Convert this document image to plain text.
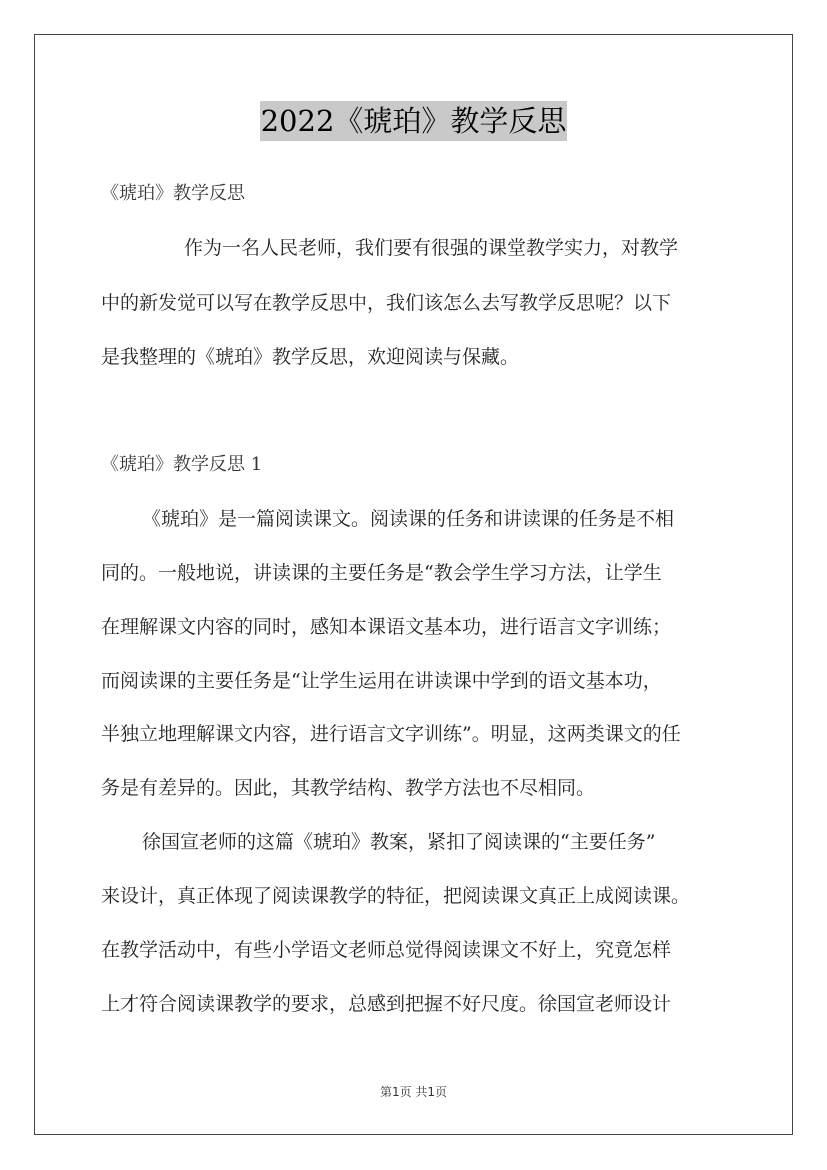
2022《琥珀》教学反思
《琥珀》教学反思
作为一名人民老师，我们要有很强的课堂教学实力，对教学
中的新发觉可以写在教学反思中，我们该怎么去写教学反思呢？以下
是我整理的《琥珀》教学反思，欢迎阅读与保藏。
《琥珀》教学反思 1
《琥珀》是一篇阅读课文。阅读课的任务和讲读课的任务是不相
同的。一般地说，讲读课的主要任务是“教会学生学习方法，让学生
在理解课文内容的同时，感知本课语文基本功，进行语言文字训练；
而阅读课的主要任务是“让学生运用在讲读课中学到的语文基本功，
半独立地理解课文内容，进行语言文字训练”。明显，这两类课文的任
务是有差异的。因此，其教学结构、教学方法也不尽相同。
徐国宣老师的这篇《琥珀》教案，紧扣了阅读课的“主要任务”
来设计，真正体现了阅读课教学的特征，把阅读课文真正上成阅读课。
在教学活动中，有些小学语文老师总觉得阅读课文不好上，究竟怎样
上才符合阅读课教学的要求，总感到把握不好尺度。徐国宣老师设计
第1页 共1页
